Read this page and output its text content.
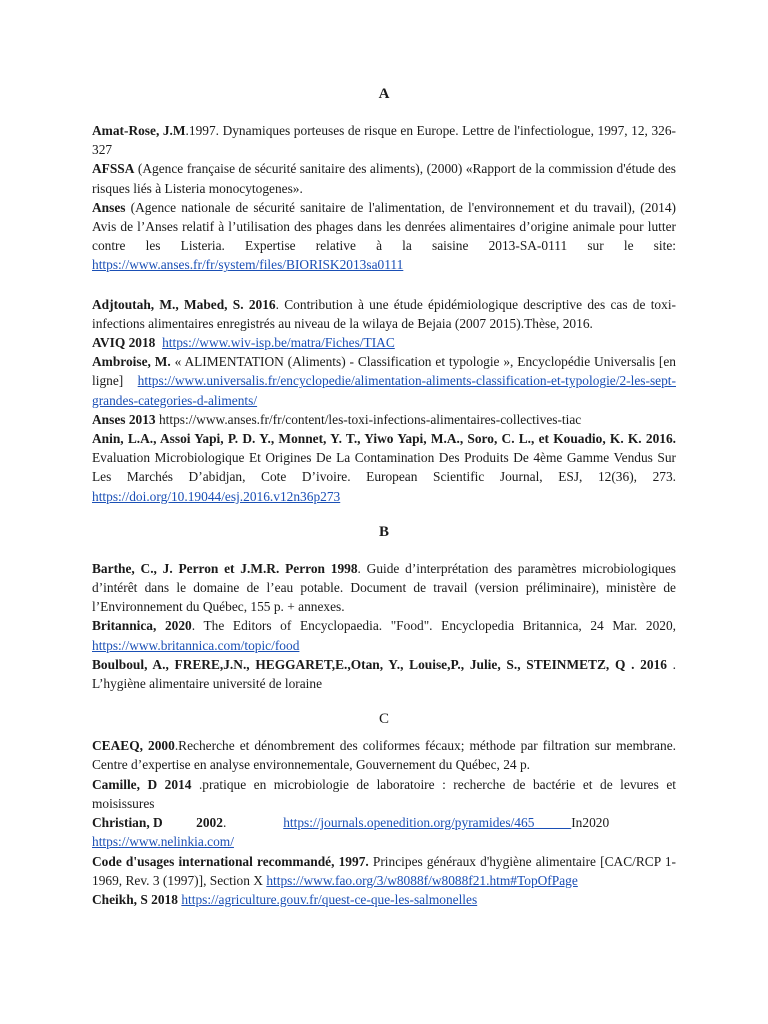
A

Amat-Rose, J.M.1997. Dynamiques porteuses de risque en Europe. Lettre de l'infectiologue, 1997, 12, 326-327

AFSSA (Agence française de sécurité sanitaire des aliments), (2000) «Rapport de la commission d'étude des risques liés à Listeria monocytogenes».

Anses (Agence nationale de sécurité sanitaire de l'alimentation, de l'environnement et du travail), (2014) Avis de l’Anses relatif à l’utilisation des phages dans les denrées alimentaires d’origine animale pour lutter contre les Listeria. Expertise relative à la saisine 2013-SA-0111 sur le site: https://www.anses.fr/fr/system/files/BIORISK2013sa0111

Adjtoutah, M., Mabed, S. 2016. Contribution à une étude épidémiologique descriptive des cas de toxi-infections alimentaires enregistrés au niveau de la wilaya de Bejaia (2007 2015).Thèse, 2016.

AVIQ 2018 https://www.wiv-isp.be/matra/Fiches/TIAC

Ambroise, M. « ALIMENTATION (Aliments) - Classification et typologie », Encyclopédie Universalis [en ligne] https://www.universalis.fr/encyclopedie/alimentation-aliments-classification-et-typologie/2-les-sept-grandes-categories-d-aliments/

Anses 2013 https://www.anses.fr/fr/content/les-toxi-infections-alimentaires-collectives-tiac

Anin, L.A., Assoi Yapi, P. D. Y., Monnet, Y. T., Yiwo Yapi, M.A., Soro, C. L., et Kouadio, K. K. 2016. Evaluation Microbiologique Et Origines De La Contamination Des Produits De 4ème Gamme Vendus Sur Les Marchés D’abidjan, Cote D’ivoire. European Scientific Journal, ESJ, 12(36), 273. https://doi.org/10.19044/esj.2016.v12n36p273

B

Barthe, C., J. Perron et J.M.R. Perron 1998. Guide d’interprétation des paramètres microbiologiques d’intérêt dans le domaine de l’eau potable. Document de travail (version préliminaire), ministère de l’Environnement du Québec, 155 p. + annexes.

Britannica, 2020. The Editors of Encyclopaedia. "Food". Encyclopedia Britannica, 24 Mar. 2020, https://www.britannica.com/topic/food

Boulboul, A., FRERE,J.N., HEGGARET,E.,Otan, Y., Louise,P., Julie, S., STEINMETZ, Q . 2016 . L’hygiène alimentaire université de loraine

C

CEAEQ, 2000.Recherche et dénombrement des coliformes fécaux; méthode par filtration sur membrane. Centre d’expertise en analyse environnementale, Gouvernement du Québec, 24 p.

Camille, D 2014 .pratique en microbiologie de laboratoire : recherche de bactérie et de levures et moisissures

Christian, D          2002.                 https://journals.openedition.org/pyramides/465           In2020
https://www.nelinkia.com/

Code d'usages international recommandé, 1997. Principes généraux d'hygiène alimentaire [CAC/RCP 1- 1969, Rev. 3 (1997)], Section X https://www.fao.org/3/w8088f/w8088f21.htm#TopOfPage

Cheikh, S 2018 https://agriculture.gouv.fr/quest-ce-que-les-salmonelles
